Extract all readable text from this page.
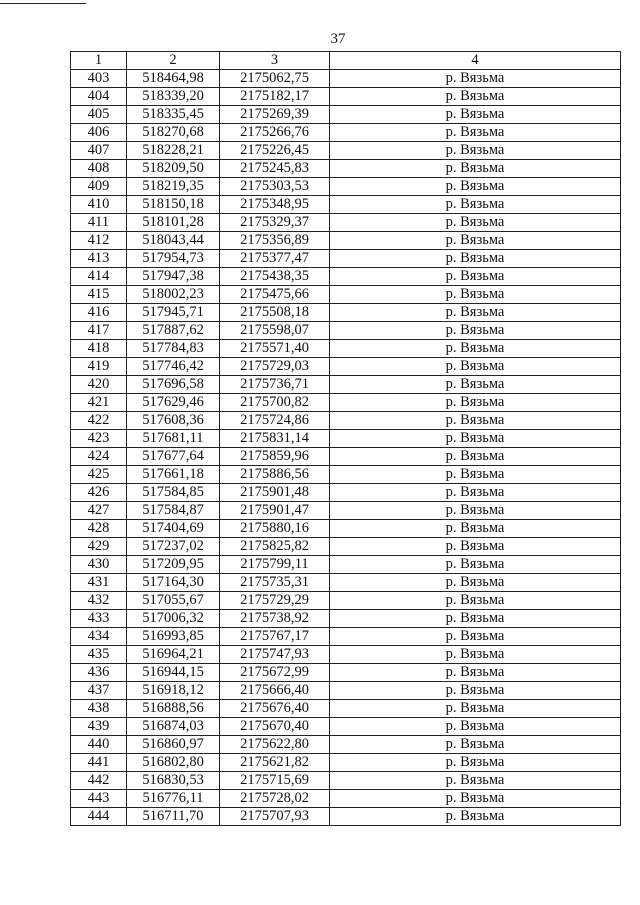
37
1	2	3	4
403	518464,98	2175062,75	р. Вязьма
404	518339,20	2175182,17	р. Вязьма
405	518335,45	2175269,39	р. Вязьма
406	518270,68	2175266,76	р. Вязьма
407	518228,21	2175226,45	р. Вязьма
408	518209,50	2175245,83	р. Вязьма
409	518219,35	2175303,53	р. Вязьма
410	518150,18	2175348,95	р. Вязьма
411	518101,28	2175329,37	р. Вязьма
412	518043,44	2175356,89	р. Вязьма
413	517954,73	2175377,47	р. Вязьма
414	517947,38	2175438,35	р. Вязьма
415	518002,23	2175475,66	р. Вязьма
416	517945,71	2175508,18	р. Вязьма
417	517887,62	2175598,07	р. Вязьма
418	517784,83	2175571,40	р. Вязьма
419	517746,42	2175729,03	р. Вязьма
420	517696,58	2175736,71	р. Вязьма
421	517629,46	2175700,82	р. Вязьма
422	517608,36	2175724,86	р. Вязьма
423	517681,11	2175831,14	р. Вязьма
424	517677,64	2175859,96	р. Вязьма
425	517661,18	2175886,56	р. Вязьма
426	517584,85	2175901,48	р. Вязьма
427	517584,87	2175901,47	р. Вязьма
428	517404,69	2175880,16	р. Вязьма
429	517237,02	2175825,82	р. Вязьма
430	517209,95	2175799,11	р. Вязьма
431	517164,30	2175735,31	р. Вязьма
432	517055,67	2175729,29	р. Вязьма
433	517006,32	2175738,92	р. Вязьма
434	516993,85	2175767,17	р. Вязьма
435	516964,21	2175747,93	р. Вязьма
436	516944,15	2175672,99	р. Вязьма
437	516918,12	2175666,40	р. Вязьма
438	516888,56	2175676,40	р. Вязьма
439	516874,03	2175670,40	р. Вязьма
440	516860,97	2175622,80	р. Вязьма
441	516802,80	2175621,82	р. Вязьма
442	516830,53	2175715,69	р. Вязьма
443	516776,11	2175728,02	р. Вязьма
444	516711,70	2175707,93	р. Вязьма
